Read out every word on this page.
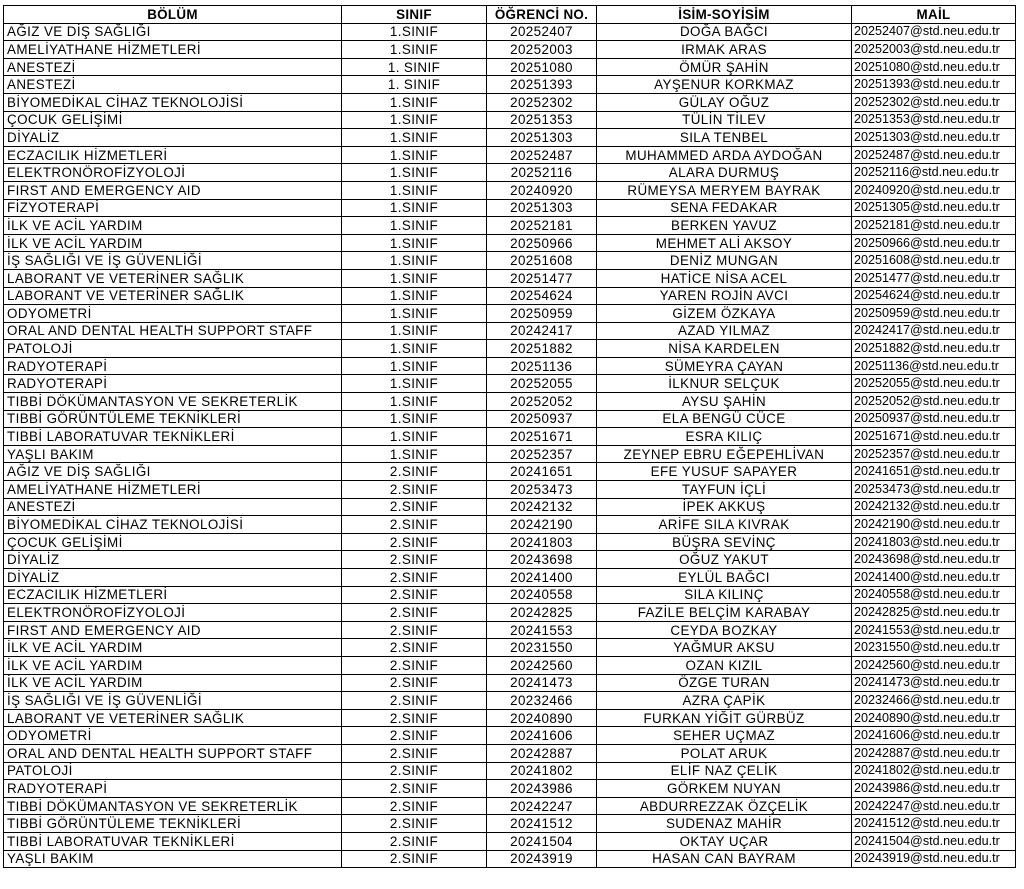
BÖLÜM	SINIF	ÖĞRENCİ NO.	İSİM-SOYİSİM	MAİL
AĞIZ VE DİŞ SAĞLIĞI	1.SINIF	20252407	DOĞA BAĞCI	20252407@std.neu.edu.tr
AMELİYATHANE HİZMETLERİ	1.SINIF	20252003	IRMAK ARAS	20252003@std.neu.edu.tr
ANESTEZİ	1. SINIF	20251080	ÖMÜR ŞAHİN	20251080@std.neu.edu.tr
ANESTEZİ	1. SINIF	20251393	AYŞENUR KORKMAZ	20251393@std.neu.edu.tr
BİYOMEDİKAL CİHAZ TEKNOLOJİSİ	1.SINIF	20252302	GÜLAY OĞUZ	20252302@std.neu.edu.tr
ÇOCUK GELİŞİMİ	1.SINIF	20251353	TÜLİN TİLEV	20251353@std.neu.edu.tr
DİYALİZ	1.SINIF	20251303	SILA TENBEL	20251303@std.neu.edu.tr
ECZACILIK HİZMETLERİ	1.SINIF	20252487	MUHAMMED ARDA AYDOĞAN	20252487@std.neu.edu.tr
ELEKTRONÖROFİZYOLOJİ	1.SINIF	20252116	ALARA DURMUŞ	20252116@std.neu.edu.tr
FIRST AND EMERGENCY AID	1.SINIF	20240920	RÜMEYSA MERYEM BAYRAK	20240920@std.neu.edu.tr
FİZYOTERAPİ	1.SINIF	20251303	SENA FEDAKAR	20251305@std.neu.edu.tr
İLK VE ACİL YARDIM	1.SINIF	20252181	BERKEN YAVUZ	20252181@std.neu.edu.tr
İLK VE ACİL YARDIM	1.SINIF	20250966	MEHMET ALİ AKSOY	20250966@std.neu.edu.tr
İŞ SAĞLIĞI VE İŞ GÜVENLİĞİ	1.SINIF	20251608	DENİZ MUNGAN	20251608@std.neu.edu.tr
LABORANT VE VETERİNER SAĞLIK	1.SINIF	20251477	HATİCE NİSA ACEL	20251477@std.neu.edu.tr
LABORANT VE VETERİNER SAĞLIK	1.SINIF	20254624	YAREN ROJİN AVCI	20254624@std.neu.edu.tr
ODYOMETRİ	1.SINIF	20250959	GİZEM ÖZKAYA	20250959@std.neu.edu.tr
ORAL AND DENTAL HEALTH SUPPORT STAFF	1.SINIF	20242417	AZAD YILMAZ	20242417@std.neu.edu.tr
PATOLOJİ	1.SINIF	20251882	NİSA KARDELEN	20251882@std.neu.edu.tr
RADYOTERAPİ	1.SINIF	20251136	SÜMEYRA ÇAYAN	20251136@std.neu.edu.tr
RADYOTERAPİ	1.SINIF	20252055	İLKNUR SELÇUK	20252055@std.neu.edu.tr
TIBBİ DÖKÜMANTASYON VE SEKRETERLİK	1.SINIF	20252052	AYSU ŞAHİN	20252052@std.neu.edu.tr
TIBBİ GÖRÜNTÜLEME TEKNİKLERİ	1.SINIF	20250937	ELA BENGÜ CÜCE	20250937@std.neu.edu.tr
TIBBİ LABORATUVAR TEKNİKLERİ	1.SINIF	20251671	ESRA KILIÇ	20251671@std.neu.edu.tr
YAŞLI BAKIM	1.SINIF	20252357	ZEYNEP EBRU EĞEPEHLİVAN	20252357@std.neu.edu.tr
AĞIZ VE DİŞ SAĞLIĞI	2.SINIF	20241651	EFE YUSUF SAPAYER	20241651@std.neu.edu.tr
AMELİYATHANE HİZMETLERİ	2.SINIF	20253473	TAYFUN İÇLİ	20253473@std.neu.edu.tr
ANESTEZİ	2.SINIF	20242132	İPEK AKKUŞ	20242132@std.neu.edu.tr
BİYOMEDİKAL CİHAZ TEKNOLOJİSİ	2.SINIF	20242190	ARİFE SILA KIVRAK	20242190@std.neu.edu.tr
ÇOCUK GELİŞİMİ	2.SINIF	20241803	BÜŞRA SEVİNÇ	20241803@std.neu.edu.tr
DİYALİZ	2.SINIF	20243698	OĞUZ YAKUT	20243698@std.neu.edu.tr
DİYALİZ	2.SINIF	20241400	EYLÜL BAĞCI	20241400@std.neu.edu.tr
ECZACILIK HİZMETLERİ	2.SINIF	20240558	SILA KILINÇ	20240558@std.neu.edu.tr
ELEKTRONÖROFİZYOLOJİ	2.SINIF	20242825	FAZİLE BELÇİM KARABAY	20242825@std.neu.edu.tr
FIRST AND EMERGENCY AID	2.SINIF	20241553	CEYDA BOZKAY	20241553@std.neu.edu.tr
İLK VE ACİL YARDIM	2.SINIF	20231550	YAĞMUR AKSU	20231550@std.neu.edu.tr
İLK VE ACİL YARDIM	2.SINIF	20242560	OZAN KIZIL	20242560@std.neu.edu.tr
İLK VE ACİL YARDIM	2.SINIF	20241473	ÖZGE TURAN	20241473@std.neu.edu.tr
İŞ SAĞLIĞI VE İŞ GÜVENLİĞİ	2.SINIF	20232466	AZRA ÇAPİK	20232466@std.neu.edu.tr
LABORANT VE VETERİNER SAĞLIK	2.SINIF	20240890	FURKAN YİĞİT GÜRBÜZ	20240890@std.neu.edu.tr
ODYOMETRİ	2.SINIF	20241606	SEHER UÇMAZ	20241606@std.neu.edu.tr
ORAL AND DENTAL HEALTH SUPPORT STAFF	2.SINIF	20242887	POLAT ARUK	20242887@std.neu.edu.tr
PATOLOJİ	2.SINIF	20241802	ELİF NAZ ÇELİK	20241802@std.neu.edu.tr
RADYOTERAPİ	2.SINIF	20243986	GÖRKEM NUYAN	20243986@std.neu.edu.tr
TIBBİ DÖKÜMANTASYON VE SEKRETERLİK	2.SINIF	20242247	ABDURREZZAK ÖZÇELİK	20242247@std.neu.edu.tr
TIBBİ GÖRÜNTÜLEME TEKNİKLERİ	2.SINIF	20241512	SUDENAZ MAHİR	20241512@std.neu.edu.tr
TIBBİ LABORATUVAR TEKNİKLERİ	2.SINIF	20241504	OKTAY UÇAR	20241504@std.neu.edu.tr
YAŞLI BAKIM	2.SINIF	20243919	HASAN CAN BAYRAM	20243919@std.neu.edu.tr
